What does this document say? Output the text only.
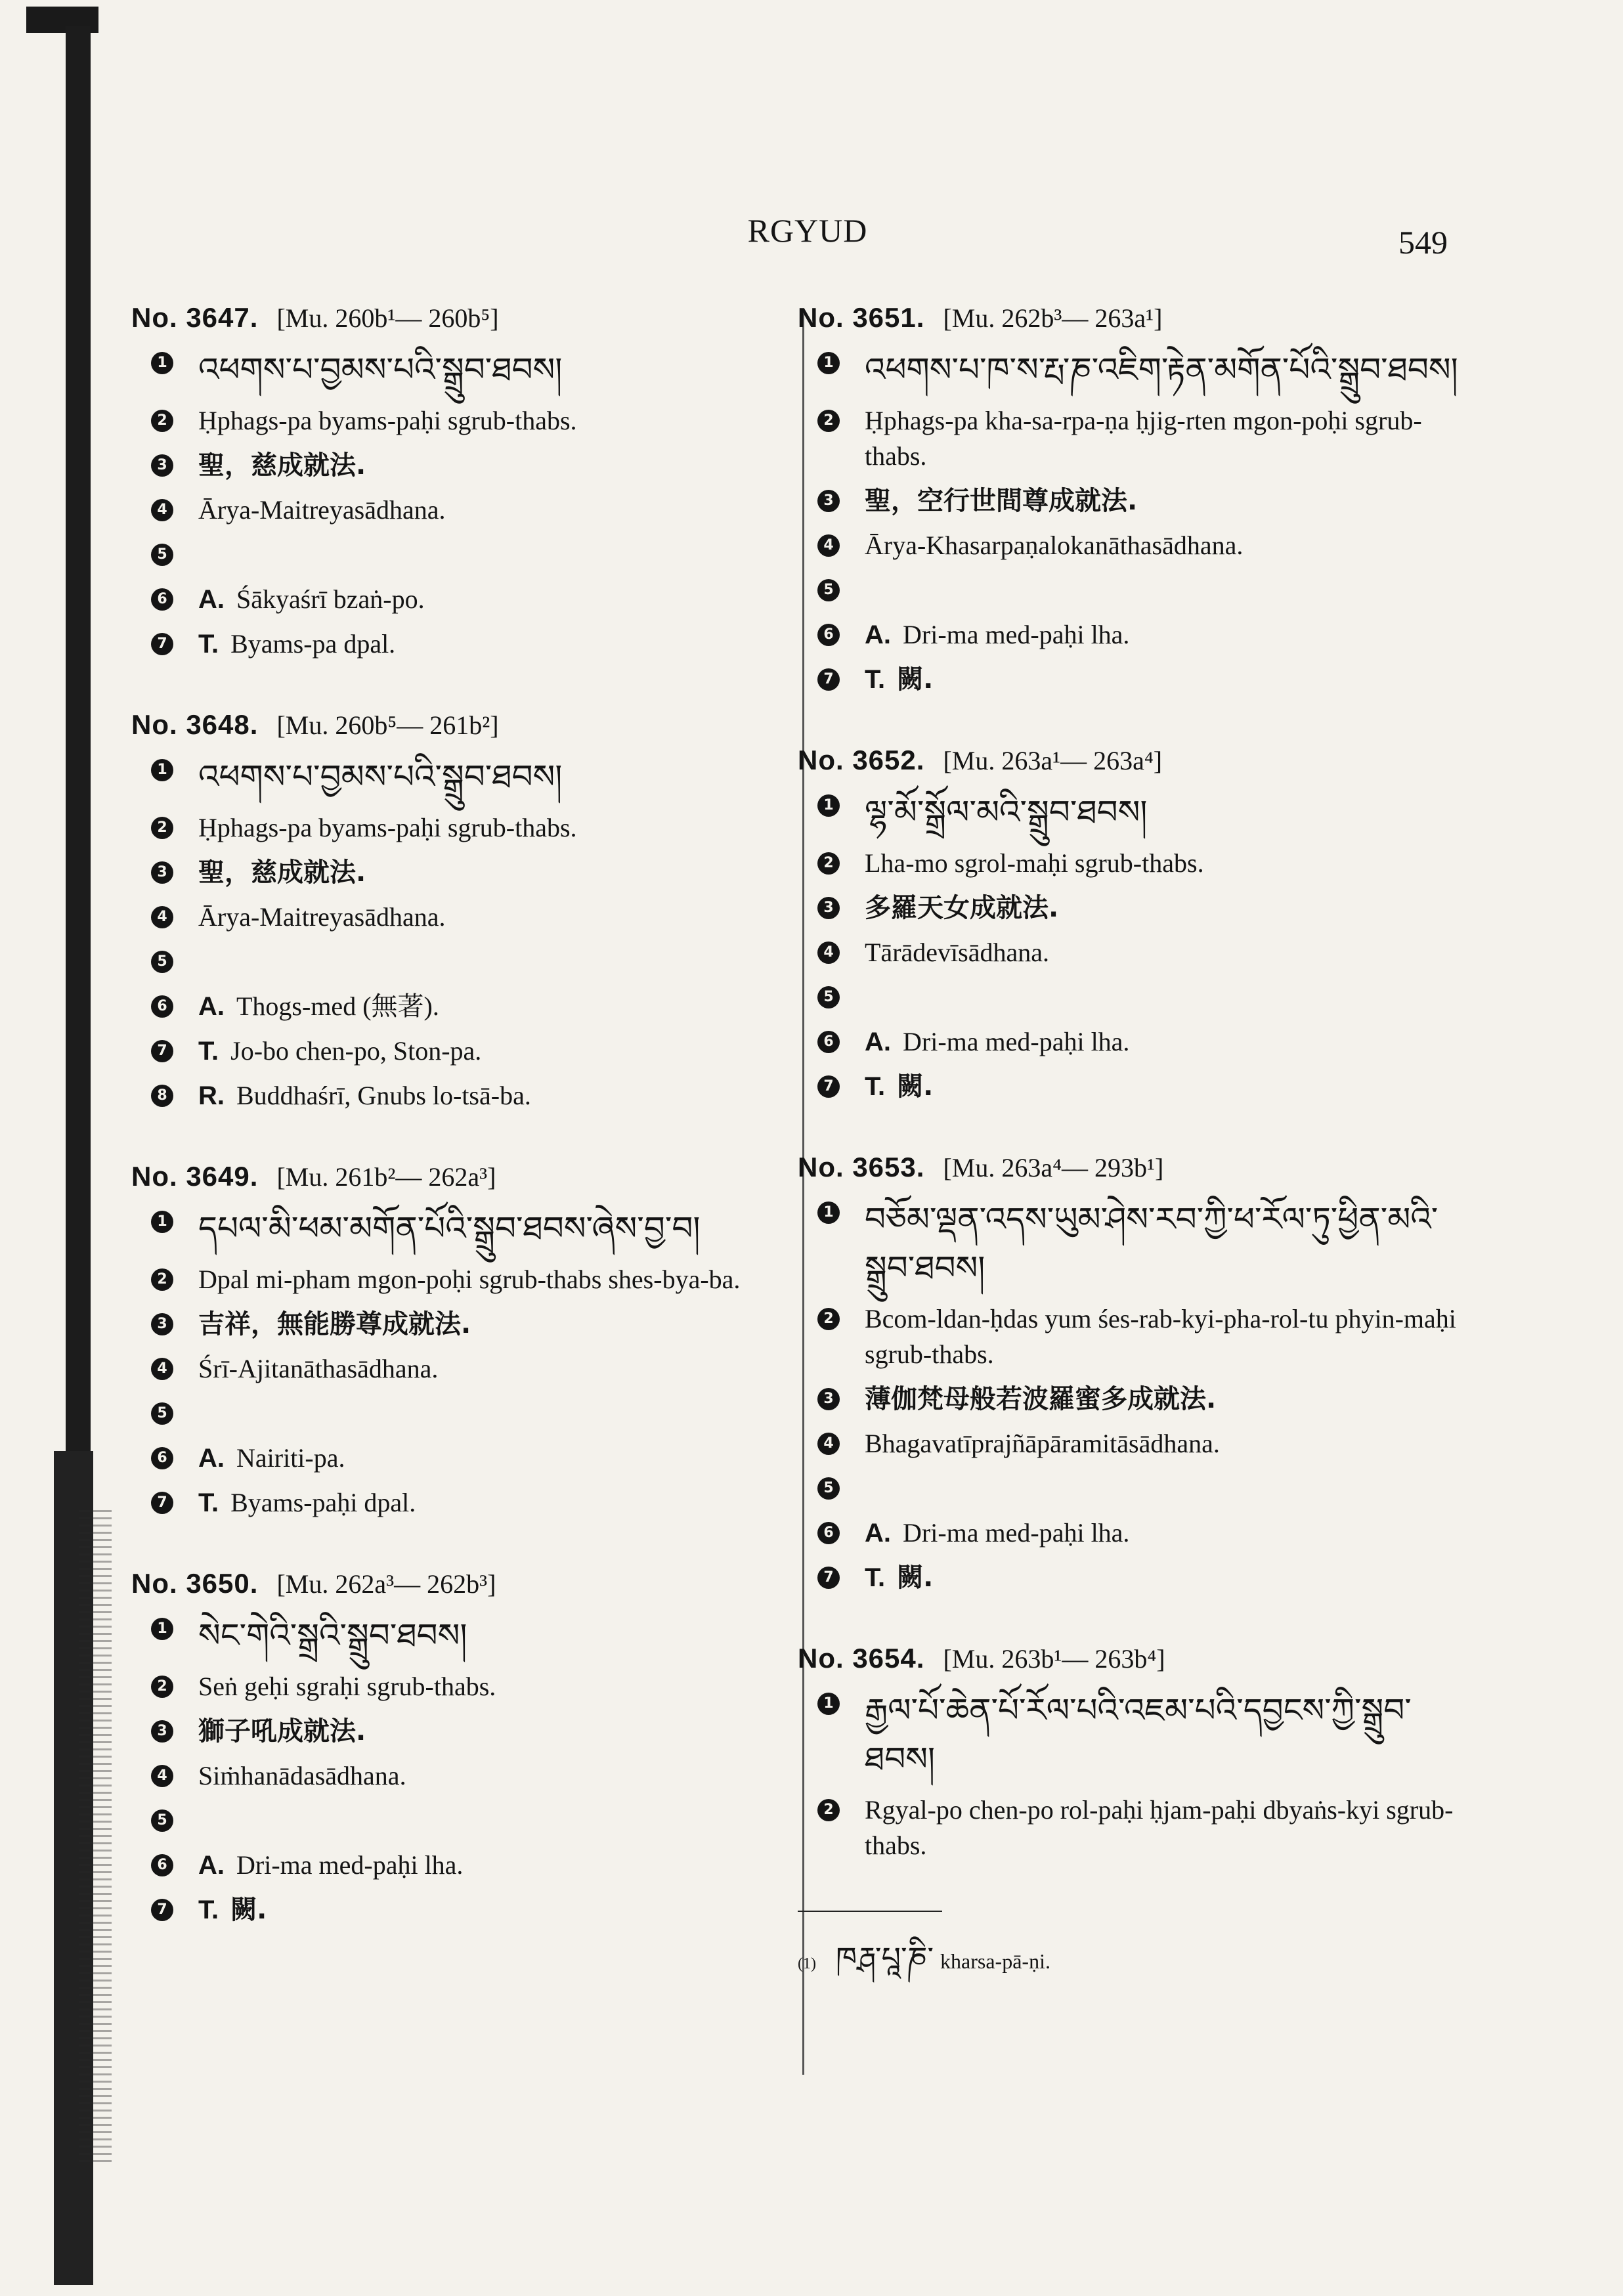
RGYUD	549
No. 3647. [Mu. 260b¹— 260b⁵]
1 འཕགས་པ་བྱམས་པའི་སྒྲུབ་ཐབས།
2 Ḥphags-pa byams-paḥi sgrub-thabs.
3 聖，慈成就法.
4 Ārya-Maitreyasādhana.
5
6 A. Śākyaśrī bzaṅ-po.
7 T. Byams-pa dpal.
No. 3648. [Mu. 260b⁵— 261b²]
1 འཕགས་པ་བྱམས་པའི་སྒྲུབ་ཐབས།
2 Ḥphags-pa byams-paḥi sgrub-thabs.
3 聖，慈成就法.
4 Ārya-Maitreyasādhana.
5
6 A. Thogs-med (無著).
7 T. Jo-bo chen-po, Ston-pa.
8 R. Buddhaśrī, Gnubs lo-tsā-ba.
No. 3649. [Mu. 261b²— 262a³]
1 དཔལ་མི་ཕམ་མགོན་པོའི་སྒྲུབ་ཐབས་ཞེས་བྱ་བ།
2 Dpal mi-pham mgon-poḥi sgrub-thabs shes-bya-ba.
3 吉祥，無能勝尊成就法.
4 Śrī-Ajitanāthasādhana.
5
6 A. Nairiti-pa.
7 T. Byams-paḥi dpal.
No. 3650. [Mu. 262a³— 262b³]
1 སེང་གེའི་སྒྲའི་སྒྲུབ་ཐབས།
2 Seṅ geḥi sgraḥi sgrub-thabs.
3 獅子吼成就法.
4 Siṁhanādasādhana.
5
6 A. Dri-ma med-paḥi lha.
7 T. 闕.
No. 3651. [Mu. 262b³— 263a¹]
1 འཕགས་པ་ཁ་ས་རྤ་ཎ་འཇིག་རྟེན་མགོན་པོའི་སྒྲུབ་ཐབས།
2 Ḥphags-pa kha-sa-rpa-ṇa ḥjig-rten mgon-poḥi sgrub-thabs.
3 聖，空行世間尊成就法.
4 Ārya-Khasarpaṇalokanāthasādhana.
5
6 A. Dri-ma med-paḥi lha.
7 T. 闕.
No. 3652. [Mu. 263a¹— 263a⁴]
1 ལྷ་མོ་སྒྲོལ་མའི་སྒྲུབ་ཐབས།
2 Lha-mo sgrol-maḥi sgrub-thabs.
3 多羅天女成就法.
4 Tārādevīsādhana.
5
6 A. Dri-ma med-paḥi lha.
7 T. 闕.
No. 3653. [Mu. 263a⁴— 293b¹]
1 བཅོམ་ལྡན་འདས་ཡུམ་ཤེས་རབ་ཀྱི་ཕ་རོལ་ཏུ་ཕྱིན་མའི་སྒྲུབ་ཐབས།
2 Bcom-ldan-ḥdas yum śes-rab-kyi-pha-rol-tu phyin-maḥi sgrub-thabs.
3 薄伽梵母般若波羅蜜多成就法.
4 Bhagavatīprajñāpāramitāsādhana.
5
6 A. Dri-ma med-paḥi lha.
7 T. 闕.
No. 3654. [Mu. 263b¹— 263b⁴]
1 རྒྱལ་པོ་ཆེན་པོ་རོལ་པའི་འཇམ་པའི་དབྱངས་ཀྱི་སྒྲུབ་ཐབས།
2 Rgyal-po chen-po rol-paḥi ḥjam-paḥi dbyaṅs-kyi sgrub-thabs.
(1) ཁརྴ་པཱ་ཎི་ kharsa-pā-ṇi.
